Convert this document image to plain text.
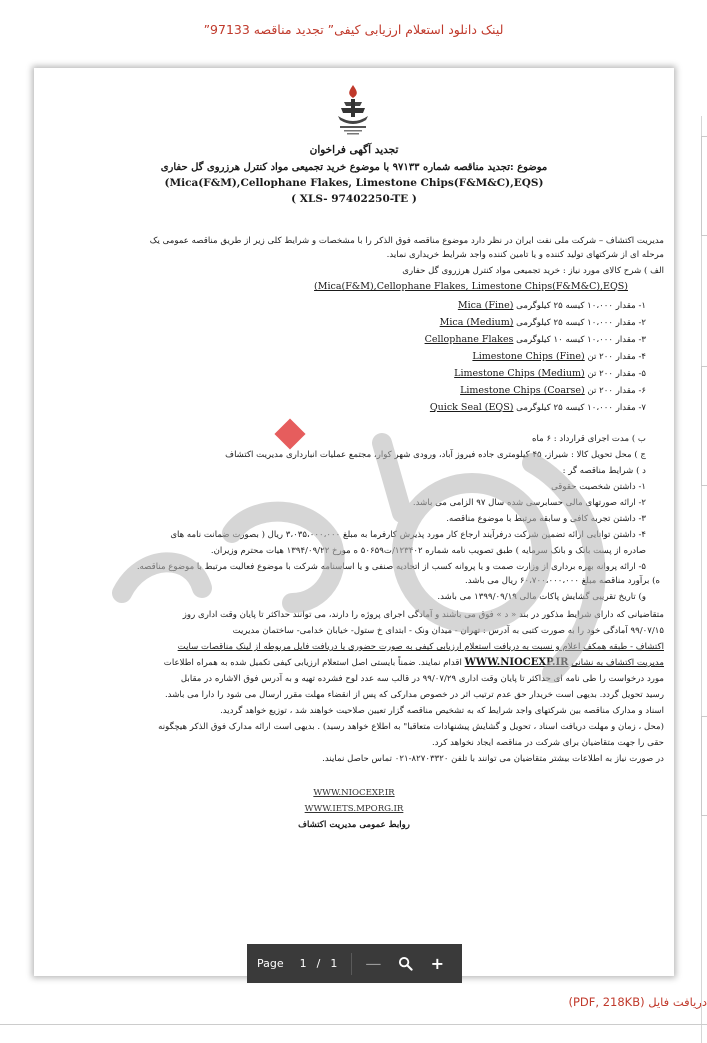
لینک دانلود استعلام ارزیابی کیفی” تجدید مناقصه 97133”
تجدید آگهی فراخوان
موضوع :تجدید مناقصه شماره ۹۷۱۳۳ با موضوع خرید تجمیعی مواد کنترل هرزروی گل حفاری
(Mica(F&M),Cellophane Flakes, Limestone Chips(F&M&C),EQS)
( XLS- 97402250-TE )
مدیریت اکتشاف – شرکت ملی نفت ایران در نظر دارد موضوع مناقصه فوق الذکر را با مشخصات و شرایط کلی زیر از طریق مناقصه عمومی یک
مرحله ای از شرکتهای تولید کننده و یا تامین کننده واجد شرایط خریداری نماید.
الف ) شرح کالای مورد نیاز : خرید تجمیعی مواد کنترل هرزروی گل حفاری
(Mica(F&M),Cellophane Flakes, Limestone Chips(F&M&C),EQS)
۱- مقدار ۱۰،۰۰۰ کیسه ۲۵ کیلوگرمی Mica (Fine)
۲- مقدار ۱۰،۰۰۰ کیسه ۲۵ کیلوگرمی Mica (Medium)
۳- مقدار ۱۰،۰۰۰ کیسه ۱۰ کیلوگرمی Cellophane Flakes
۴- مقدار ۲۰۰ تن Limestone Chips (Fine)
۵- مقدار ۲۰۰ تن Limestone Chips (Medium)
۶- مقدار ۲۰۰ تن Limestone Chips (Coarse)
۷- مقدار ۱۰،۰۰۰ کیسه ۲۵ کیلوگرمی Quick Seal (EQS)
ب ) مدت اجرای قرارداد : ۶ ماه
ج ) محل تحویل کالا : شیراز، ۴۵ کیلومتری جاده فیروز آباد، ورودی شهر کوار، مجتمع عملیات انبارداری مدیریت اکتشاف
د ) شرایط مناقصه گر :
۱- داشتن شخصیت حقوقی
۲- ارائه صورتهای مالی حسابرسی شده سال ۹۷ الزامی می باشد.
۳- داشتن تجربه کافی و سابقه مرتبط با موضوع مناقصه.
۴- داشتن توانایی ارائه تضمین شرکت درفرآیند ارجاع کار مورد پذیرش کارفرما به مبلغ ۳،۰۳۵،۰۰۰،۰۰۰ ریال ( بصورت ضمانت نامه های
صادره از پست بانک و بانک سرمایه ) طبق تصویب نامه شماره ۱۲۳۴۰۲/ت۵۰۶۵۹ ه مورخ ۱۳۹۴/۰۹/۲۲ هیات محترم وزیران.
۵- ارائه پروانه بهره برداری از وزارت صمت و یا پروانه کسب از اتحادیه صنفی و یا اساسنامه شرکت با موضوع فعالیت مرتبط با موضوع مناقصه.
ه) برآورد مناقصه مبلغ ۶۰،۷۰۰،۰۰۰،۰۰۰ ریال می باشد.
و) تاریخ تقریبی گشایش پاکات مالی ۱۳۹۹/۰۹/۱۹ می باشد.
متقاضیانی که دارای شرایط مذکور در بند « د » فوق می باشند و آمادگی اجرای پروژه را دارند، می توانند حداکثر تا پایان وقت اداری روز
۹۹/۰۷/۱۵ آمادگی خود را به صورت کتبی به آدرس : تهران - میدان ونک - ابتدای خ ستول- خیابان خدامی- ساختمان مدیریت
اکتشاف - طبقه همکف اعلام و نسبت به دریافت استعلام ارزیابی کیفی به صورت حضوری یا دریافت فایل مربوطه از لینک مناقصات سایت
مدیریت اکتشاف به نشانی WWW.NIOCEXP.IR اقدام نمایند. ضمناً بایستی اصل استعلام ارزیابی کیفی تکمیل شده به همراه اطلاعات
مورد درخواست را طی نامه ای حداکثر تا پایان وقت اداری ۹۹/۰۷/۲۹ در قالب سه عدد لوح فشرده تهیه و به آدرس فوق الاشاره در مقابل
رسید تحویل گردد. بدیهی است خریدار حق عدم ترتیب اثر در خصوص مدارکی که پس از انقضاء مهلت مقرر ارسال می شود را دارا می باشد.
اسناد و مدارک مناقصه بین شرکتهای واجد شرایط که به تشخیص مناقصه گزار تعیین صلاحیت خواهند شد ، توزیع خواهد گردید.
(محل ، زمان و مهلت دریافت اسناد ، تحویل و گشایش پیشنهادات متعاقبا" به اطلاع خواهد رسید) . بدیهی است ارائه مدارک فوق الذکر هیچگونه
حقی را جهت متقاضیان برای شرکت در مناقصه ایجاد نخواهد کرد.
در صورت نیاز به اطلاعات بیشتر متقاضیان می توانند با تلفن ۸۲۷۰۳۳۲۰-۰۲۱ تماس حاصل نمایند.
WWW.NIOCEXP.IR
WWW.IETS.MPORG.IR
روابط عمومی مدیریت اکتشاف
Page 1 / 1 —	+
دریافت فایل (PDF, 218KB)
